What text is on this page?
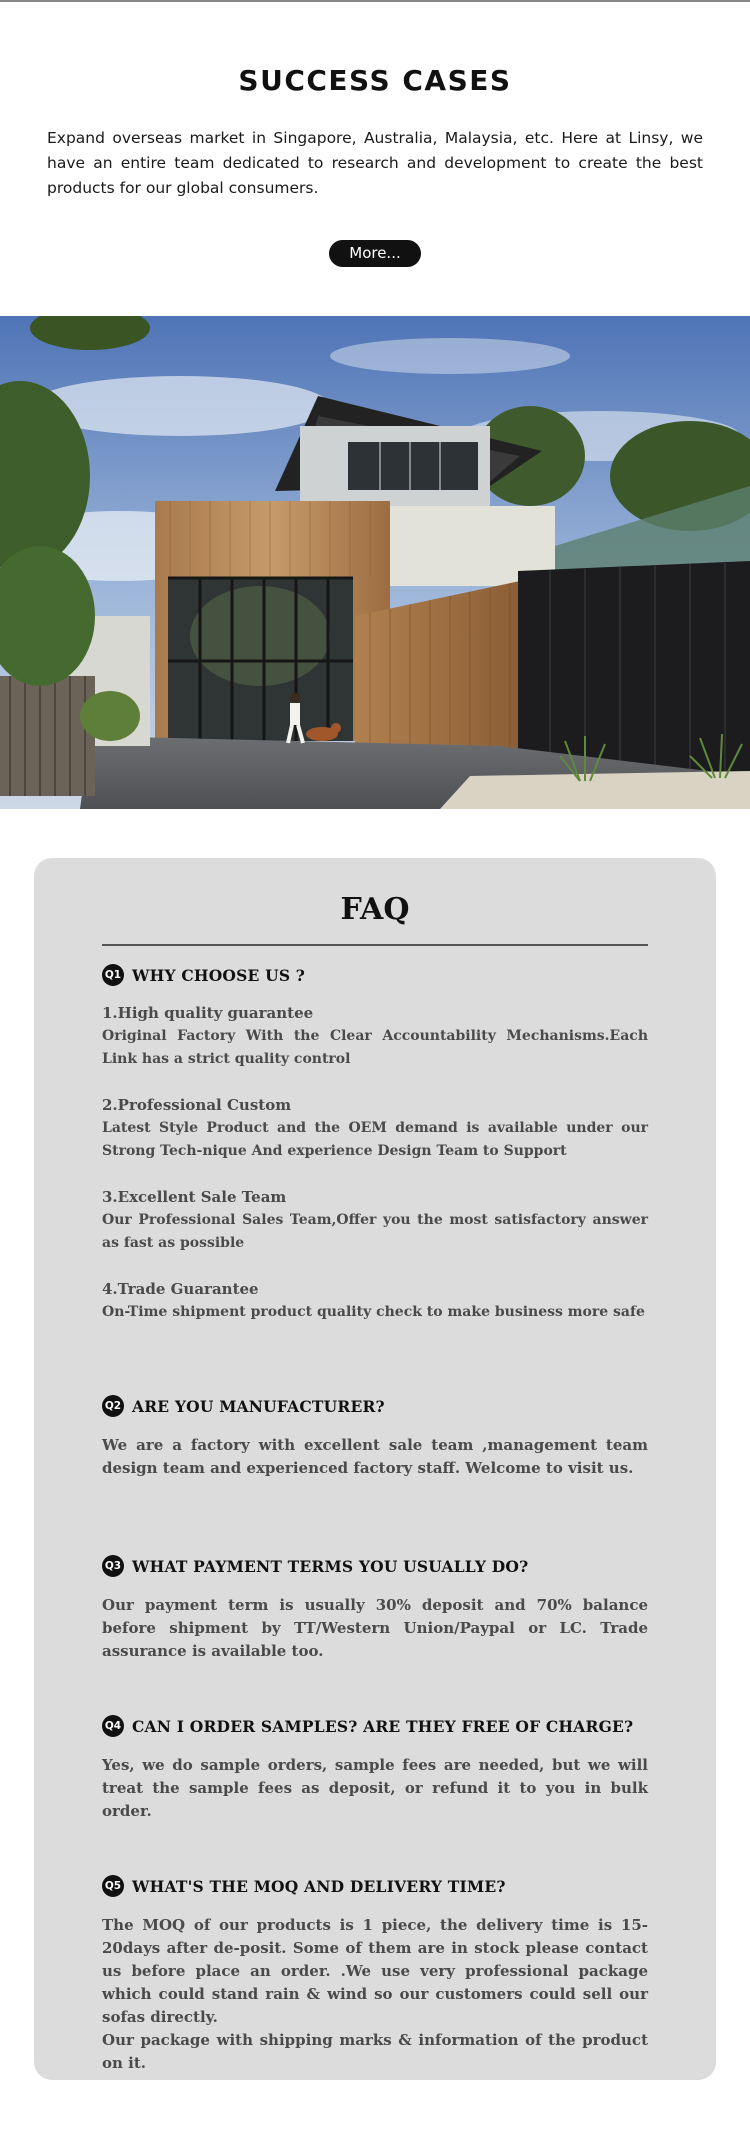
SUCCESS CASES

Expand overseas market in Singapore, Australia, Malaysia, etc. Here at Linsy, we have an entire team dedicated to research and development to create the best products for our global consumers.

More...
FAQ
Q1 WHY CHOOSE US ?
1.High quality guarantee
Original Factory With the Clear Accountability Mechanisms.Each Link has a strict quality control
2.Professional Custom
Latest Style Product and the OEM demand is available under our Strong Tech-nique And experience Design Team to Support
3.Excellent Sale Team
Our Professional Sales Team,Offer you the most satisfactory answer as fast as possible
4.Trade Guarantee
On-Time shipment product quality check to make business more safe
Q2 ARE YOU MANUFACTURER?

We are a factory with excellent sale team ,management team design team and experienced factory staff. Welcome to visit us.

Q3 WHAT PAYMENT TERMS YOU USUALLY DO?

Our payment term is usually 30% deposit and 70% balance before shipment by TT/Western Union/Paypal or LC. Trade assurance is available too.

Q4 CAN I ORDER SAMPLES? ARE THEY FREE OF CHARGE?

Yes, we do sample orders, sample fees are needed, but we will treat the sample fees as deposit, or refund it to you in bulk order.

Q5 WHAT'S THE MOQ AND DELIVERY TIME?
The MOQ of our products is 1 piece, the delivery time is 15-20days after de-posit. Some of them are in stock please contact us before place an order. .We use very professional package which could stand rain & wind so our customers could sell our sofas directly.
Our package with shipping marks & information of the product on it.
